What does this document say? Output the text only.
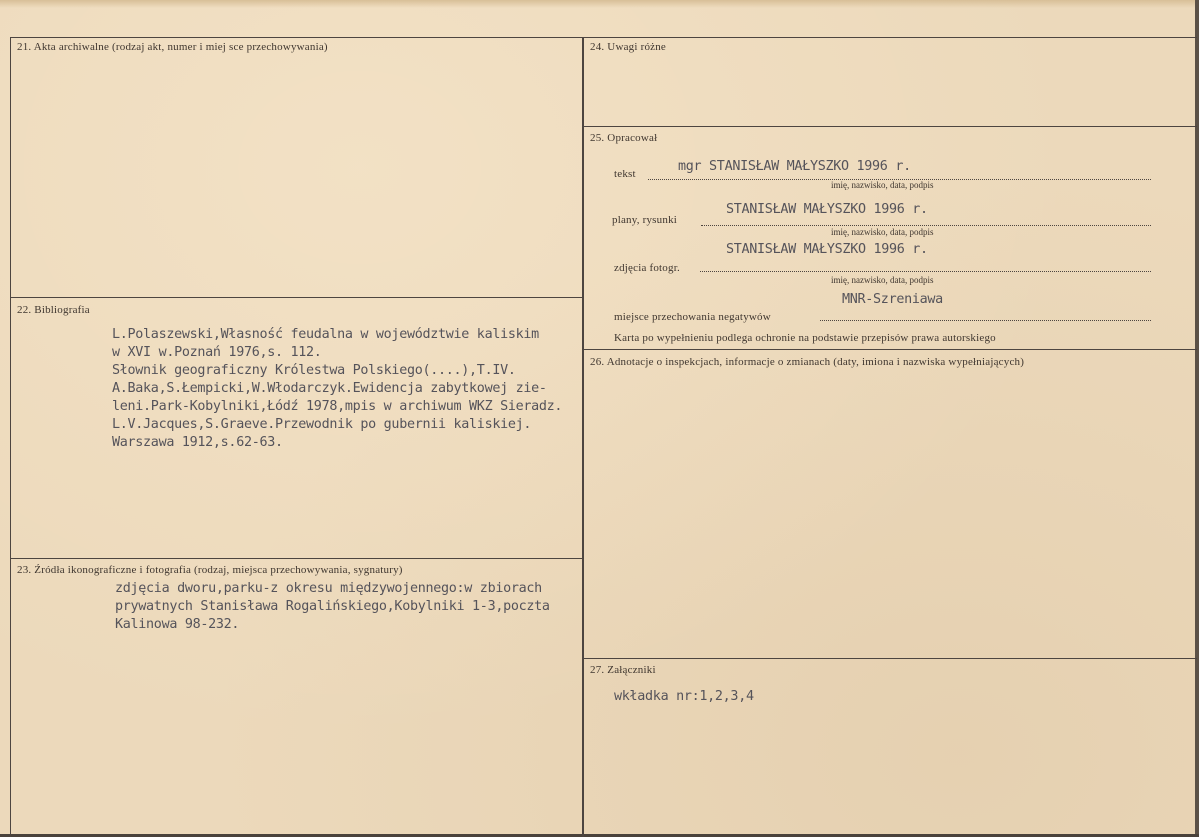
21. Akta archiwalne (rodzaj akt, numer i miej sce przechowywania)
22. Bibliografia
L.Polaszewski,Własność feudalna w województwie kaliskim
w XVI w.Poznań 1976,s. 112.
Słownik geograficzny Królestwa Polskiego(....),T.IV.
A.Baka,S.Łempicki,W.Włodarczyk.Ewidencja zabytkowej zie-
leni.Park-Kobylniki,Łódź 1978,mpis w archiwum WKZ Sieradz.
L.V.Jacques,S.Graeve.Przewodnik po gubernii kaliskiej.
Warszawa 1912,s.62-63.
23. Źródła ikonograficzne i fotografia (rodzaj, miejsca przechowywania, sygnatury)
zdjęcia dworu,parku-z okresu międzywojennego:w zbiorach
prywatnych Stanisława Rogalińskiego,Kobylniki 1-3,poczta
Kalinowa 98-232.
24. Uwagi różne
25. Opracował
tekst	mgr STANISŁAW MAŁYSZKO 1996 r.
imię, nazwisko, data, podpis
plany, rysunki
STANISŁAW MAŁYSZKO 1996 r.
imię, nazwisko, data, podpis
zdjęcia fotogr.
STANISŁAW MAŁYSZKO 1996 r.
imię, nazwisko, data, podpis
MNR-Szreniawa
miejsce przechowania negatywów
Karta po wypełnieniu podlega ochronie na podstawie przepisów prawa autorskiego
26. Adnotacje o inspekcjach, informacje o zmianach (daty, imiona i nazwiska wypełniających)
27. Załączniki
wkładka nr:1,2,3,4
